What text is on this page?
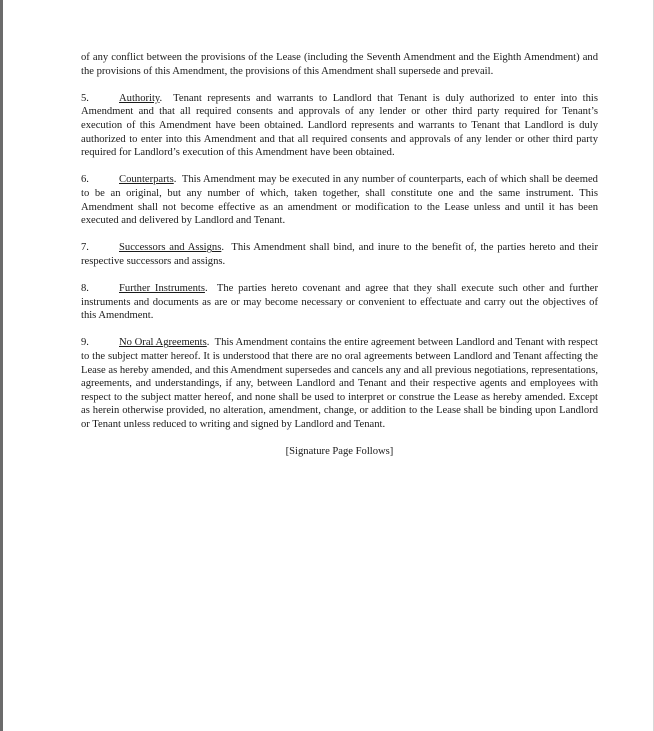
of any conflict between the provisions of the Lease (including the Seventh Amendment and the Eighth Amendment) and the provisions of this Amendment, the provisions of this Amendment shall supersede and prevail.

5.	Authority.  Tenant represents and warrants to Landlord that Tenant is duly authorized to enter into this Amendment and that all required consents and approvals of any lender or other third party required for Tenant’s execution of this Amendment have been obtained. Landlord represents and warrants to Tenant that Landlord is duly authorized to enter into this Amendment and that all required consents and approvals of any lender or other third party required for Landlord’s execution of this Amendment have been obtained.

6.	Counterparts.  This Amendment may be executed in any number of counterparts, each of which shall be deemed to be an original, but any number of which, taken together, shall constitute one and the same instrument. This Amendment shall not become effective as an amendment or modification to the Lease unless and until it has been executed and delivered by Landlord and Tenant.

7.	Successors and Assigns.  This Amendment shall bind, and inure to the benefit of, the parties hereto and their respective successors and assigns.

8.	Further Instruments.  The parties hereto covenant and agree that they shall execute such other and further instruments and documents as are or may become necessary or convenient to effectuate and carry out the objectives of this Amendment.

9.	No Oral Agreements.  This Amendment contains the entire agreement between Landlord and Tenant with respect to the subject matter hereof. It is understood that there are no oral agreements between Landlord and Tenant affecting the Lease as hereby amended, and this Amendment supersedes and cancels any and all previous negotiations, representations, agreements, and understandings, if any, between Landlord and Tenant and their respective agents and employees with respect to the subject matter hereof, and none shall be used to interpret or construe the Lease as hereby amended. Except as herein otherwise provided, no alteration, amendment, change, or addition to the Lease shall be binding upon Landlord or Tenant unless reduced to writing and signed by Landlord and Tenant.

[Signature Page Follows]
